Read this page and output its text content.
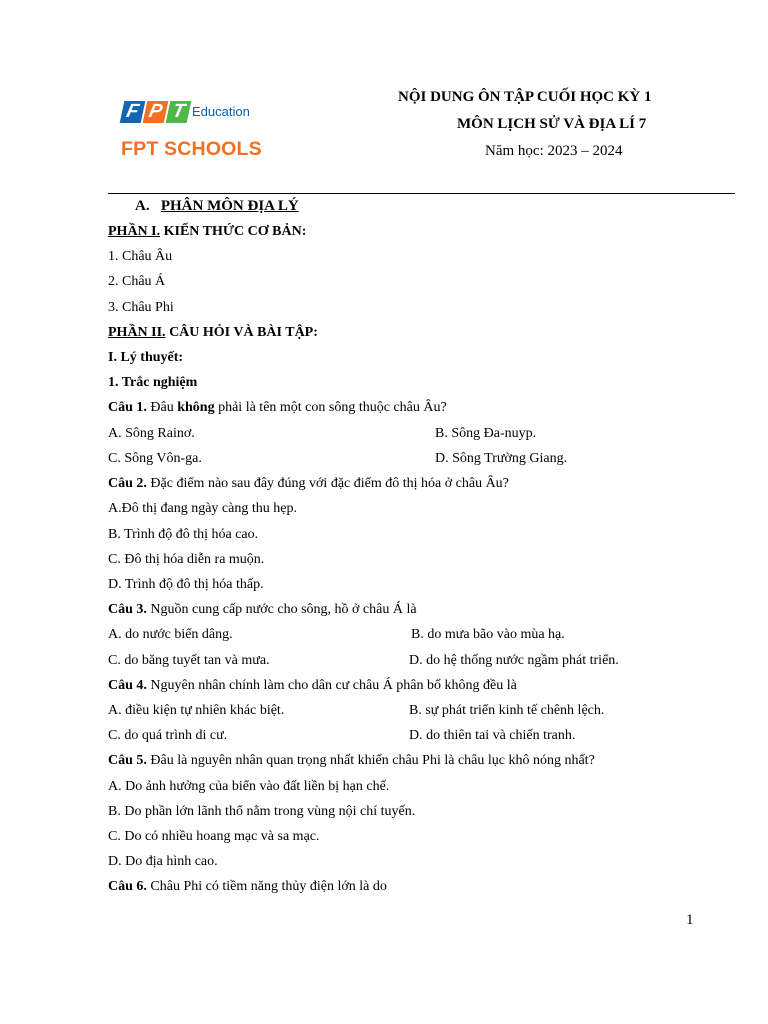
F P T Education
FPT SCHOOLS
NỘI DUNG ÔN TẬP CUỐI HỌC KỲ 1
MÔN LỊCH SỬ VÀ ĐỊA LÍ 7
Năm học: 2023 – 2024
A. PHÂN MÔN ĐỊA LÝ
PHẦN I. KIẾN THỨC CƠ BẢN:
1. Châu Âu
2. Châu Á
3. Châu Phi
PHẦN II. CÂU HỎI VÀ BÀI TẬP:
I. Lý thuyết:
1. Trắc nghiệm
Câu 1. Đâu không phải là tên một con sông thuộc châu Âu?
A. Sông Rainơ.	B. Sông Đa-nuyp.
C. Sông Vôn-ga.	D. Sông Trường Giang.
Câu 2. Đặc điểm nào sau đây đúng với đặc điểm đô thị hóa ở châu Âu?
A.Đô thị đang ngày càng thu hẹp.
B. Trình độ đô thị hóa cao.
C. Đô thị hóa diễn ra muộn.
D. Trình độ đô thị hóa thấp.
Câu 3. Nguồn cung cấp nước cho sông, hồ ở châu Á là
A. do nước biển dâng.	B. do mưa bão vào mùa hạ.
C. do băng tuyết tan và mưa.	D. do hệ thống nước ngầm phát triển.
Câu 4. Nguyên nhân chính làm cho dân cư châu Á phân bố không đều là
A. điều kiện tự nhiên khác biệt.	B. sự phát triển kinh tế chênh lệch.
C. do quá trình di cư.	D. do thiên tai và chiến tranh.
Câu 5. Đâu là nguyên nhân quan trọng nhất khiến châu Phi là châu lục khô nóng nhất?
A. Do ảnh hưởng của biển vào đất liền bị hạn chế.
B. Do phần lớn lãnh thổ nằm trong vùng nội chí tuyến.
C. Do có nhiều hoang mạc và sa mạc.
D. Do địa hình cao.
Câu 6. Châu Phi có tiềm năng thủy điện lớn là do
1
